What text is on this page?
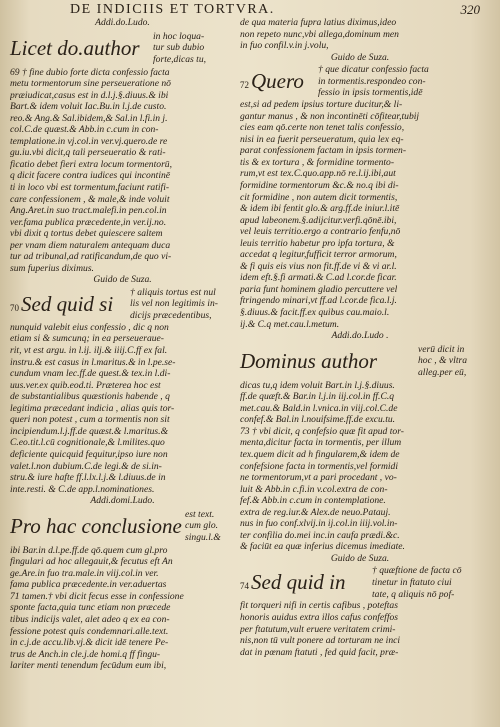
DE INDICIIS ET TORTVRA.	320
Addi.do.Ludo.
Licet do.author in hoc loqua-
tur sub dubio
forte,dicas tu,
69 † fine dubio forte dicta confessio facta
metu tormentorum sine perseueratione nō
præiudicat,casus est in d.l.j.§.diuus.& ibi
Bart.& idem voluit Iac.Bu.in l.j.de custo.
reo.& Ang.& Sal.ibidem,& Sal.in l.fi.in j.
col.C.de quæst.& Abb.in c.cum in con-
templatione.in vj.col.in ver.vj.quero.de re
gu.iu.vbi dicit,q tali perseueratio & rati-
ficatio debet fieri extra locum tormentorū,
q dicit facere contra iudices qui incontinē
ti in loco vbi est tormentum,faciunt ratifi-
care confessionem , & male,& inde voluit
Ang.Aret.in suo tract.malefi.in pen.col.in
ver.fama publica præcedente,in ver.ij.no.
vbi dixit q tortus debet quiescere saltem
per vnam diem naturalem antequam duca
tur ad tribunal,ad ratificandum,de quo vi-
sum fuperius diximus.
Guido de Suza.
70Sed quid si † aliquis tortus est nul
lis vel non legitimis in-
dicijs præcedentibus,
nunquid valebit eius confessio , dic q non
etiam si & sumcunq; in ea perseueraue-
rit, vt est argu. in l.ij. ilj.& iiij.C.ff ex fal.
instru.& est casus in l.maritus.& in l.pe.se-
cundum vnam lec.ff.de quest.& tex.in l.di-
uus.ver.ex quib.eod.ti. Præterea hoc est
de substantialibus quæstionis habende , q
legitima præcedant indicia , alias quis tor-
queri non potest , cum a tormentis non sit
incipiendum.l.j.ff.de quæst.& l.maritus.&
C.eo.tit.l.cū cognitionale,& l.milites.quo
deficiente quicquid fequitur,ipso iure non
valet.l.non dubium.C.de legi.& de si.in-
stru.& iure hafte ff.l.lx.l.j.& l.diuus.de in
inte.resti. & C.de app.l.nominationes.
Addi.domi.Ludo.
Pro hac conclusione est text.
cum glo.
singu.l.&
ibi Bar.in d.l.pe.ff.de qō.quem cum gl.pro
fingulari ad hoc allegauit,& fecutus eft An
ge.Are.in fuo tra.male.in viij.col.in ver.
fama publica præcedente.in ver.aduertas
71 tamen.† vbi dicit fecus esse in confessione
sponte facta,quia tunc etiam non præcede
tibus indicijs valet, alet adeo q ex ea con-
fessione potest quis condemnari.alle.text.
in c.j.de accu.lib.vj.& dicit idē tenere Pe-
trus de Anch.in cle.j.de homi.q ff fingu-
lariter menti tenendum fecūdum eum ibi,
de qua materia fupra latius diximus,ideo
non repeto nunc,vbi allega,dominum men
in fuo confil.v.in j.volu,
Guido de Suza.
72Quero † que dicatur confessio facta
in tormentis.respondeo con-
fessio in ipsis tormentis,idē
est,si ad pedem ipsius torture ducitur,& li-
gantur manus , & non incontinēti cōfitear,tubij
cies eam qō.certe non tenet talis confessio,
nisi in ea fuerit perseueratum, quia lex eq-
parat confessionem factam in ipsis tormen-
tis & ex tortura , & formidine tormento-
rum,vt est tex.C.quo.app.nō re.l.ij.ibi,aut
formidine tormentorum &c.& no.q ibi di-
cit formidine , non autem dicit tormentis,
& idem ibi fentit glo.& arg.ff.de iniur.l.itē
apud labeonem.§.adijcitur.verfi.qōnē.ibi,
vel leuis territio.ergo a contrario fenfu,nō
leuis territio habetur pro ipfa tortura, &
accedat q legitur,fufficit terror armorum,
& fi quis eis vius non fit.ff.de vi & vi ar.l.
idem eft.§.fi armati.& C.ad l.cor.de ficar.
paria funt hominem gladio percuttere vel
ftringendo minari,vt ff.ad l.cor.de fica.l.j.
§.diuus.& facit.ff.ex quibus cau.maio.l.
ij.& C.q met.cau.l.metum.
Addi.do.Ludo .
Dominus author	verū dicit in
hoc , & vltra
alleg.per eū,
dicas tu,q idem voluit Bart.in l.j.§.diuus.
ff.de quæft.& Bar.in l.j.in iij.col.in ff.C.q
met.cau.& Bald.in l.vnica.in viij.col.C.de
confef.& Bal.in l.nouifsime.ff.de excu.tu.
73 † vbi dicit, q confefsio quæ fit apud tor-
menta,dicitur facta in tormentis, per illum
tex.quem dicit ad h fingularem,& idem de
confefsione facta in tormentis,vel formidi
ne tormentorum,vt a pari procedant , vo-
luit & Abb.in c.fi.in v.col.extra de con-
fef.& Abb.in c.cum in contemplatione.
extra de reg.iur.& Alex.de neuo.Patauj.
nus in fuo conf.xlvij.in ij.col.in iiij.vol.in-
ter confilia do.mei inc.in caufa prædi.&c.
& faciūt ea quæ inferius dicemus imediate.
Guido de Suza.
74Sed quid in	† quæftione de facta cō
tinetur in ftatuto ciui
tate, q aliquis nō pof-
fit torqueri nifi in certis cafibus , poteftas
honoris auidus extra illos cafus confeffos
per ftatutum,vult eruere veritatem crimi-
nis,non tū vult ponere ad torturam ne inci
dat in pœnam ftatuti , fed quid facit, præ-
